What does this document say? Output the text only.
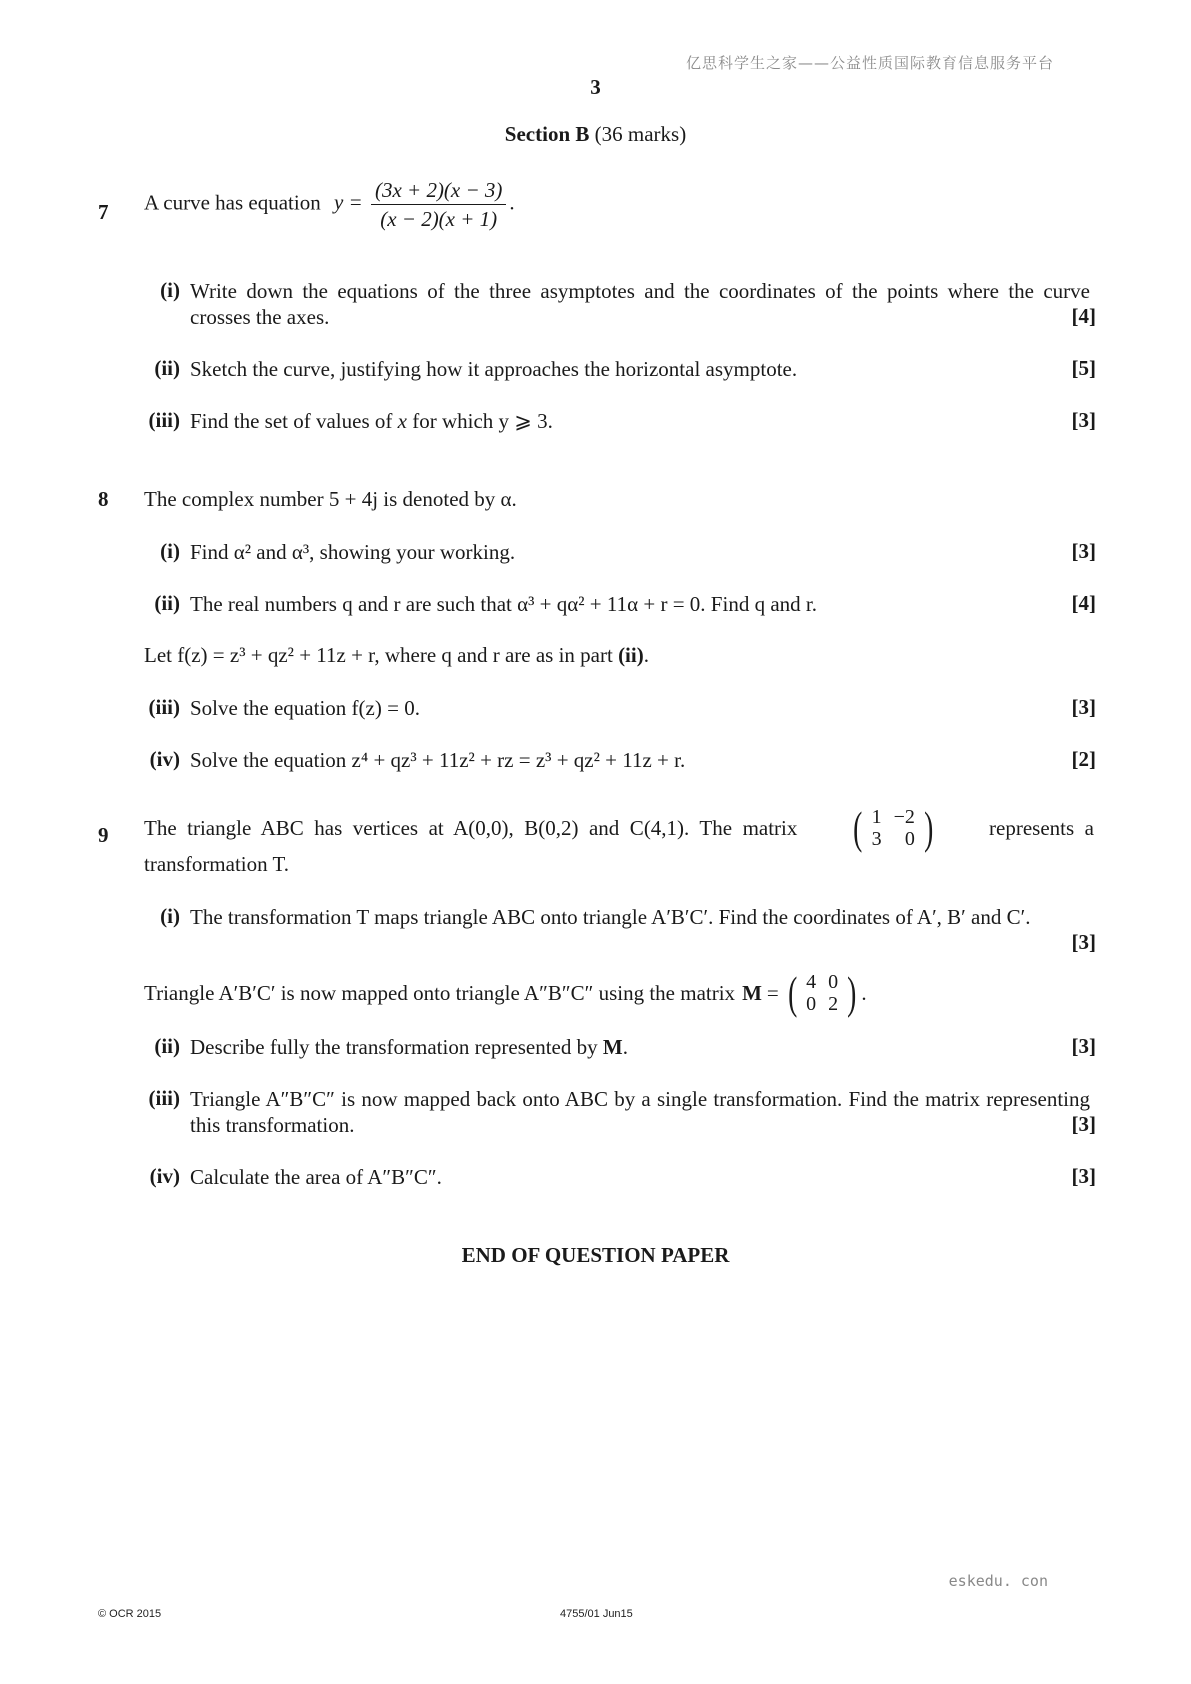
亿思科学生之家——公益性质国际教育信息服务平台
3
Section B (36 marks)
7 A curve has equation $y = \frac{(3x + 2)(x - 3)}{(x - 2)(x + 1)}$ .
(i) Write down the equations of the three asymptotes and the coordinates of the points where the curve crosses the axes.	[4]
(ii) Sketch the curve, justifying how it approaches the horizontal asymptote.	[5]
(iii) Find the set of values of x for which y ⩾ 3.	[3]
8 The complex number 5 + 4j is denoted by α.
(i) Find α² and α³, showing your working.	[3]
(ii) The real numbers q and r are such that α³ + qα² + 11α + r = 0. Find q and r.	[4]
Let f(z) = z³ + qz² + 11z + r, where q and r are as in part (ii).
(iii) Solve the equation f(z) = 0.	[3]
(iv) Solve the equation z⁴ + qz³ + 11z² + rz = z³ + qz² + 11z + r.	[2]
9 The  triangle  ABC  has  vertices  at  A(0,0),  B(0,2)  and  C(4,1).  The  matrix ( 1	−2
3	0 )	represents  a
transformation T.
(i) The transformation T maps triangle ABC onto triangle A′B′C′. Find the coordinates of A′, B′ and C′.
[3]
Triangle A′B′C′ is now mapped onto triangle A″B″C″ using the matrix M = ( 4	0
0	2 ) .
(ii) Describe fully the transformation represented by M.	[3]
(iii) Triangle A″B″C″ is now mapped back onto ABC by a single transformation. Find the matrix representing this transformation.	[3]
(iv) Calculate the area of A″B″C″.	[3]
END OF QUESTION PAPER
eskedu. con
© OCR 2015	4755/01 Jun15
